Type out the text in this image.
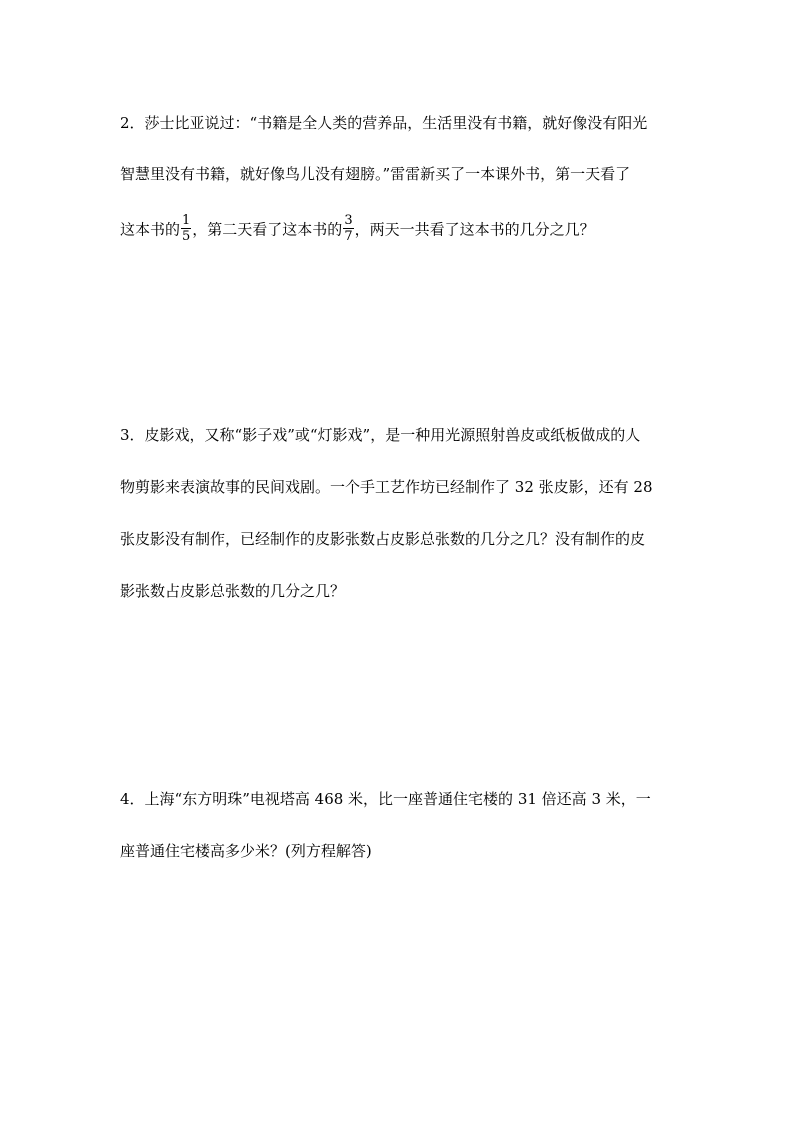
2．莎士比亚说过：“书籍是全人类的营养品，生活里没有书籍，就好像没有阳光
智慧里没有书籍，就好像鸟儿没有翅膀。”雷雷新买了一本课外书，第一天看了
这本书的 $\frac{1}{5}$ ，第二天看了这本书的 $\frac{3}{7}$ ，两天一共看了这本书的几分之几？
3．皮影戏，又称“影子戏”或“灯影戏”，是一种用光源照射兽皮或纸板做成的人
物剪影来表演故事的民间戏剧。一个手工艺作坊已经制作了 32 张皮影，还有 28
张皮影没有制作，已经制作的皮影张数占皮影总张数的几分之几？没有制作的皮
影张数占皮影总张数的几分之几？
4．上海“东方明珠”电视塔高 468 米，比一座普通住宅楼的 31 倍还高 3 米，一
座普通住宅楼高多少米？(列方程解答)
